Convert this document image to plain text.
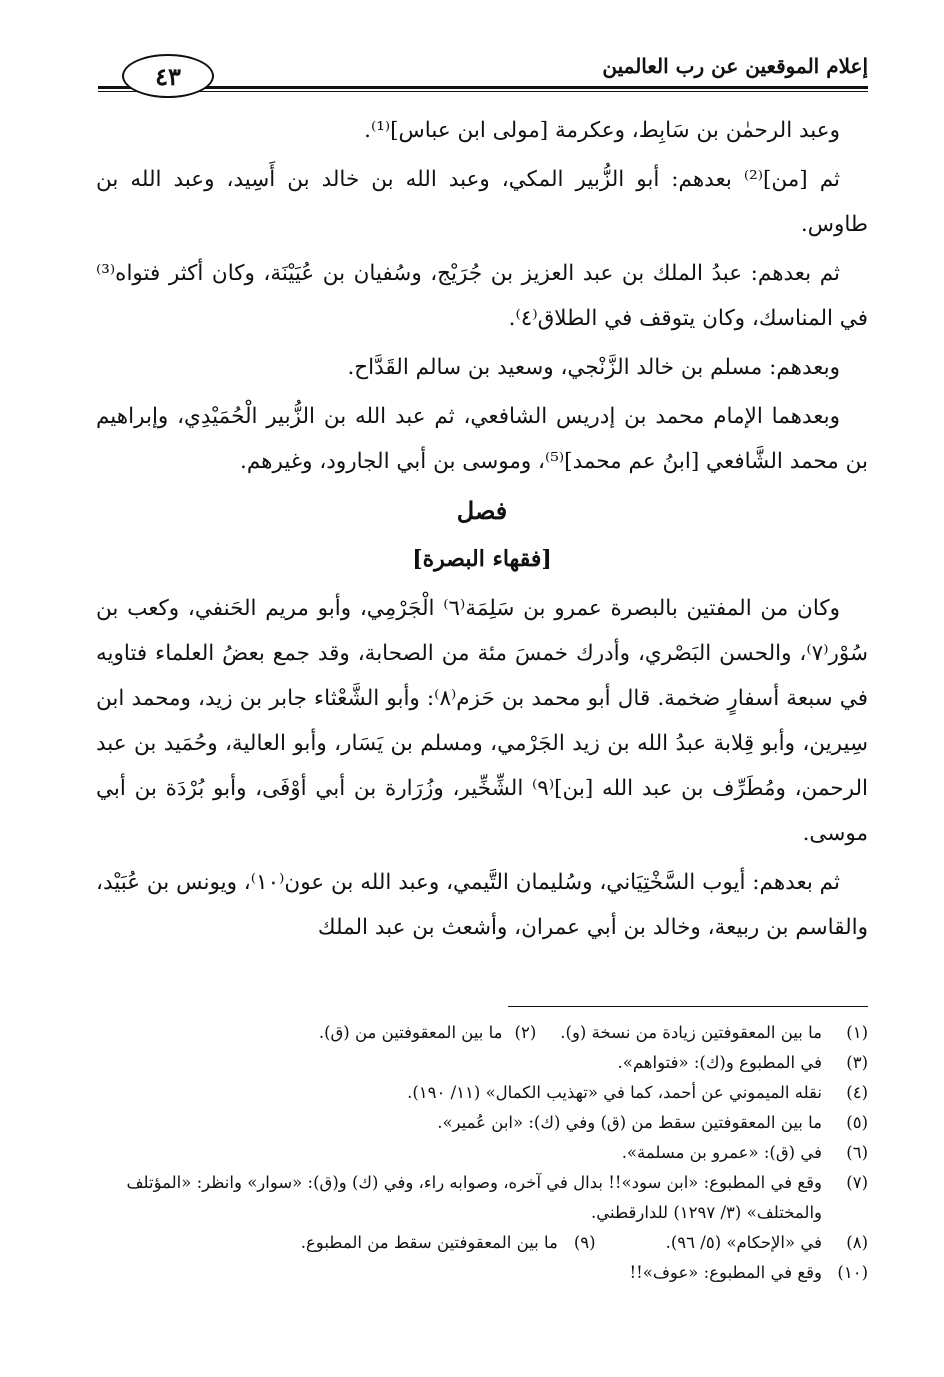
إعلام الموقعين عن رب العالمين
٤٣

وعبد الرحمٰن بن سَابِط، وعكرمة [مولى ابن عباس]⁽¹⁾.

ثم [من]⁽²⁾ بعدهم: أبو الزُّبير المكي، وعبد الله بن خالد بن أَسِيد، وعبد الله بن طاوس.

ثم بعدهم: عبدُ الملك بن عبد العزيز بن جُرَيْج، وسُفيان بن عُيَيْنَة، وكان أكثر فتواه⁽³⁾ في المناسك، وكان يتوقف في الطلاق⁽٤⁾.

وبعدهم: مسلم بن خالد الزَّنْجي، وسعيد بن سالم القَدَّاح.

وبعدهما الإمام محمد بن إدريس الشافعي، ثم عبد الله بن الزُّبير الْحُمَيْدِي، وإبراهيم بن محمد الشَّافعي [ابنُ عم محمد]⁽⁵⁾، وموسى بن أبي الجارود، وغيرهم.

فصل

[فقهاء البصرة]

وكان من المفتين بالبصرة عمرو بن سَلِمَة⁽٦⁾ الْجَرْمِي، وأبو مريم الحَنفي، وكعب بن سُوْر⁽٧⁾، والحسن البَصْري، وأدرك خمسَ مئة من الصحابة، وقد جمع بعضُ العلماء فتاويه في سبعة أسفارٍ ضخمة. قال أبو محمد بن حَزم⁽٨⁾: وأبو الشَّعْثاء جابر بن زيد، ومحمد ابن سِيرين، وأبو قِلابة عبدُ الله بن زيد الجَرْمي، ومسلم بن يَسَار، وأبو العالية، وحُمَيد بن عبد الرحمن، ومُطَرِّف بن عبد الله [بن]⁽٩⁾ الشِّخِّير، وزُرَارة بن أبي أوْفَى، وأبو بُرْدَة بن أبي موسى.

ثم بعدهم: أيوب السَّخْتِيَاني، وسُليمان التَّيمي، وعبد الله بن عون⁽١٠⁾، ويونس بن عُبَيْد، والقاسم بن ربيعة، وخالد بن أبي عمران، وأشعث بن عبد الملك

(١)
ما بين المعقوفتين زيادة من نسخة (و).
(٢)
ما بين المعقوفتين من (ق).
(٣)
في المطبوع و(ك): «فتواهم».
(٤)
نقله الميموني عن أحمد، كما في «تهذيب الكمال» (١١/ ١٩٠).
(٥)
ما بين المعقوفتين سقط من (ق) وفي (ك): «ابن عُمير».
(٦)
في (ق): «عمرو بن مسلمة».
(٧)
وقع في المطبوع: «ابن سود»!! بدال في آخره، وصوابه راء، وفي (ك) و(ق): «سوار» وانظر: «المؤتلف والمختلف» (٣/ ١٢٩٧) للدارقطني.
(٨)
في «الإحكام» (٥/ ٩٦).
(٩)
ما بين المعقوفتين سقط من المطبوع.
(١٠)
وقع في المطبوع: «عوف»!!
